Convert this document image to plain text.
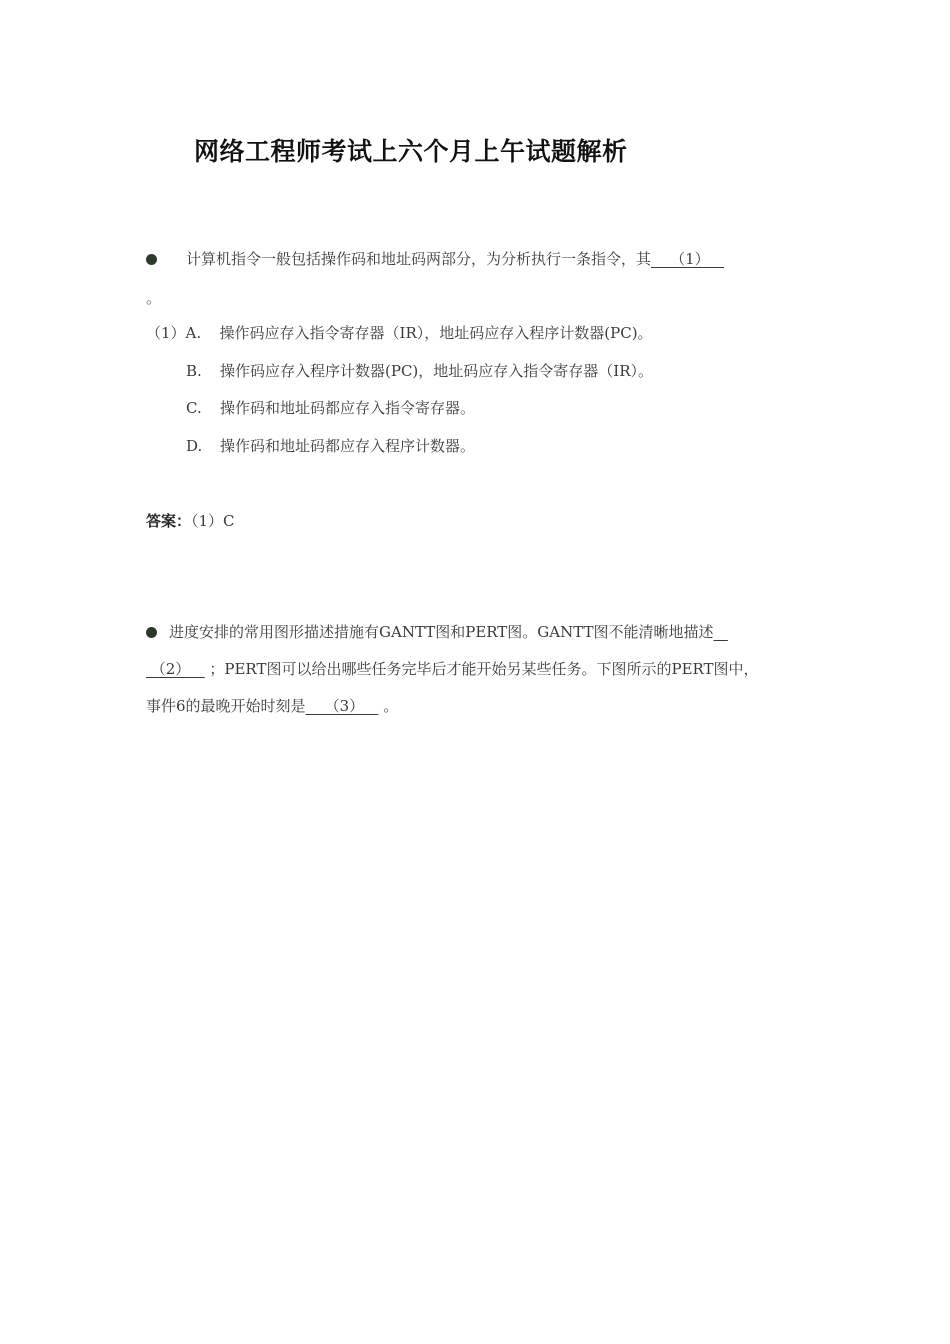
网络工程师考试上六个月上午试题解析
计算机指令一般包括操作码和地址码两部分，为分析执行一条指令，其    （1）
。
（1）A. 操作码应存入指令寄存器（IR），地址码应存入程序计数器(PC)。
B. 操作码应存入程序计数器(PC)，地址码应存入指令寄存器（IR）。
C. 操作码和地址码都应存入指令寄存器。
D. 操作码和地址码都应存入程序计数器。
答案：（1）C
进度安排的常用图形描述措施有GANTT图和PERT图。GANTT图不能清晰地描述
（2）    ；PERT图可以给出哪些任务完毕后才能开始另某些任务。下图所示的PERT图中，
事件6的最晚开始时刻是    （3）    。
